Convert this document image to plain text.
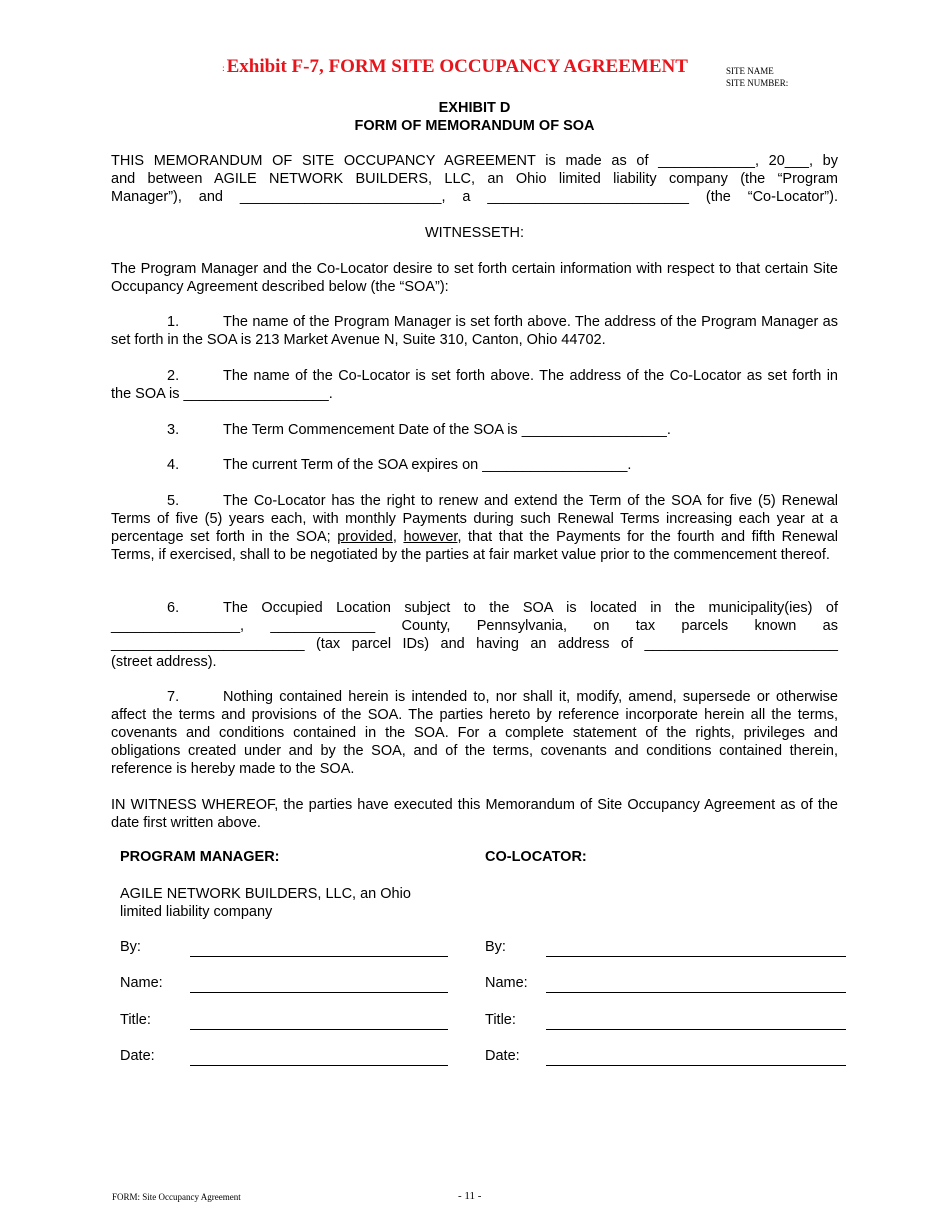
: Exhibit F-7, FORM SITE OCCUPANCY AGREEMENT	SITE NAME
SITE NUMBER:
EXHIBIT D
FORM OF MEMORANDUM OF SOA
THIS MEMORANDUM OF SITE OCCUPANCY AGREEMENT is made as of ____________, 20___, by
and between AGILE NETWORK BUILDERS, LLC, an Ohio limited liability company (the “Program
Manager”), and _________________________, a _________________________ (the “Co-Locator”).
WITNESSETH:
The Program Manager and the Co-Locator desire to set forth certain information with respect to that certain Site Occupancy Agreement described below (the “SOA”):
1.	The name of the Program Manager is set forth above. The address of the Program Manager as set forth in the SOA is 213 Market Avenue N, Suite 310, Canton, Ohio 44702.
2.	The name of the Co-Locator is set forth above. The address of the Co-Locator as set forth in the SOA is __________________.
3.	The Term Commencement Date of the SOA is __________________.
4.	The current Term of the SOA expires on __________________.
5.	The Co-Locator has the right to renew and extend the Term of the SOA for five (5) Renewal Terms of five (5) years each, with monthly Payments during such Renewal Terms increasing each year at a percentage set forth in the SOA; provided, however, that that the Payments for the fourth and fifth Renewal Terms, if exercised, shall to be negotiated by the parties at fair market value prior to the commencement thereof.
6.	The Occupied Location subject to the SOA is located in the municipality(ies) of
________________, _____________ County, Pennsylvania, on tax parcels known as
________________________ (tax parcel IDs) and having an address of ________________________
(street address).
7.	Nothing contained herein is intended to, nor shall it, modify, amend, supersede or otherwise affect the terms and provisions of the SOA. The parties hereto by reference incorporate herein all the terms, covenants and conditions contained in the SOA. For a complete statement of the rights, privileges and obligations created under and by the SOA, and of the terms, covenants and conditions contained therein, reference is hereby made to the SOA.
IN WITNESS WHEREOF, the parties have executed this Memorandum of Site Occupancy Agreement as of the date first written above.
PROGRAM MANAGER:
AGILE NETWORK BUILDERS, LLC, an Ohio limited liability company
By:
Name:
Title:
Date:
CO-LOCATOR:
By:
Name:
Title:
Date:
FORM: Site Occupancy Agreement	- 11 -
